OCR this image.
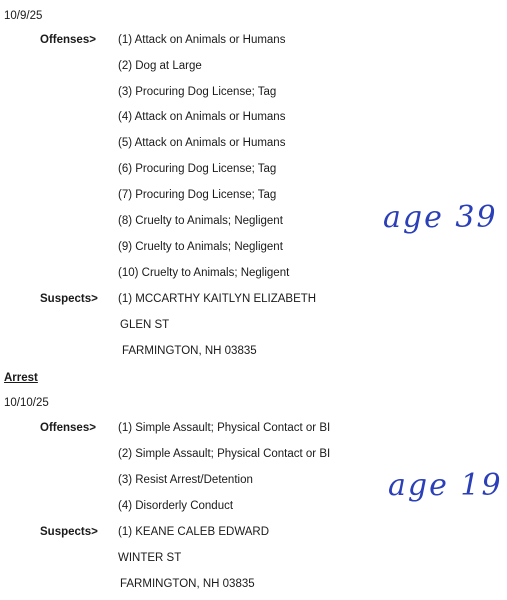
10/9/25
Offenses> (1) Attack on Animals or Humans
(2) Dog at Large
(3) Procuring Dog License; Tag
(4) Attack on Animals or Humans
(5) Attack on Animals or Humans
(6) Procuring Dog License; Tag
(7) Procuring Dog License; Tag
(8) Cruelty to Animals; Negligent
(9) Cruelty to Animals; Negligent
(10) Cruelty to Animals; Negligent
Suspects> (1) MCCARTHY KAITLYN ELIZABETH
GLEN ST
FARMINGTON, NH 03835
age 39
Arrest
10/10/25
Offenses> (1) Simple Assault; Physical Contact or BI
(2) Simple Assault; Physical Contact or BI
(3) Resist Arrest/Detention
(4) Disorderly Conduct
Suspects> (1) KEANE CALEB EDWARD
WINTER ST
FARMINGTON, NH 03835
age 19
